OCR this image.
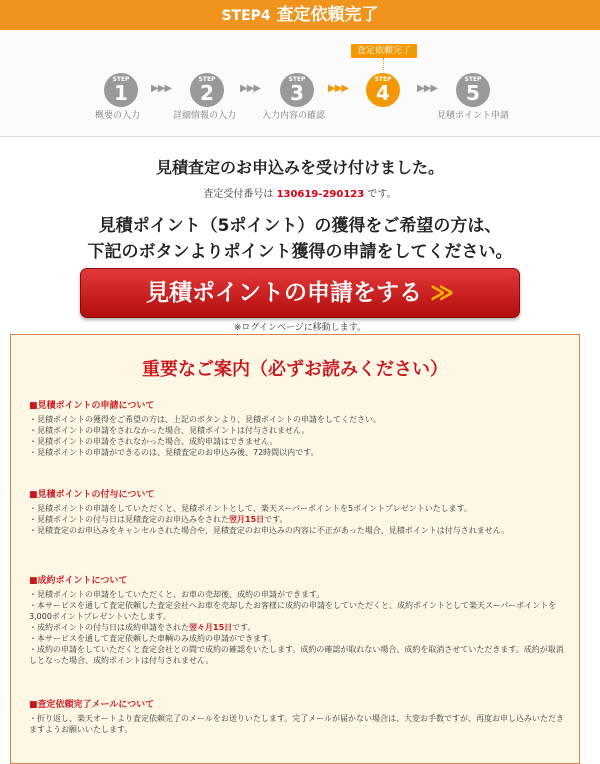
STEP4 査定依頼完了
査定依頼完了
STEP
1	▶▶▶
STEP
2	▶▶▶
STEP
3	▶▶▶
STEP
4	▶▶▶
STEP
5
概要の入力	詳細情報の入力	入力内容の確認	見積ポイント申請
見積査定のお申込みを受け付けました。
査定受付番号は 130619-290123 です。
見積ポイント（5ポイント）の獲得をご希望の方は、
下記のボタンよりポイント獲得の申請をしてください。
見積ポイントの申請をする ≫
※ログインページに移動します。
重要なご案内（必ずお読みください）
■見積ポイントの申請について
・見積ポイントの獲得をご希望の方は、上記のボタンより、見積ポイントの申請をしてください。
・見積ポイントの申請をされなかった場合、見積ポイントは付与されません。
・見積ポイントの申請をされなかった場合、成約申請はできません。
・見積ポイントの申請ができるのは、見積査定のお申込み後、72時間以内です。
■見積ポイントの付与について
・見積ポイントの申請をしていただくと、見積ポイントとして、楽天スーパーポイントを5ポイントプレゼントいたします。
・見積ポイントの付与日は見積査定のお申込みをされた翌月15日です。
・見積査定のお申込みをキャンセルされた場合や、見積査定のお申込みの内容に不正があった場合、見積ポイントは付与されません。
■成約ポイントについて
・見積ポイントの申請をしていただくと、お車の売却後、成約の申請ができます。
・本サービスを通して査定依頼した査定会社へお車を売却したお客様に成約の申請をしていただくと、成約ポイントとして楽天スーパーポイントを3,000ポイントプレゼントいたします。
・成約ポイントの付与日は成約申請をされた翌々月15日です。
・本サービスを通して査定依頼した車輌のみ成約の申請ができます。
・成約の申請をしていただくと査定会社との間で成約の確認をいたします。成約の確認が取れない場合、成約を取消させていただきます。成約が取消しとなった場合、成約ポイントは付与されません。
■査定依頼完了メールについて
・折り返し、楽天オートより査定依頼完了のメールをお送りいたします。完了メールが届かない場合は、大変お手数ですが、再度お申し込みいただきますようお願いいたします。
